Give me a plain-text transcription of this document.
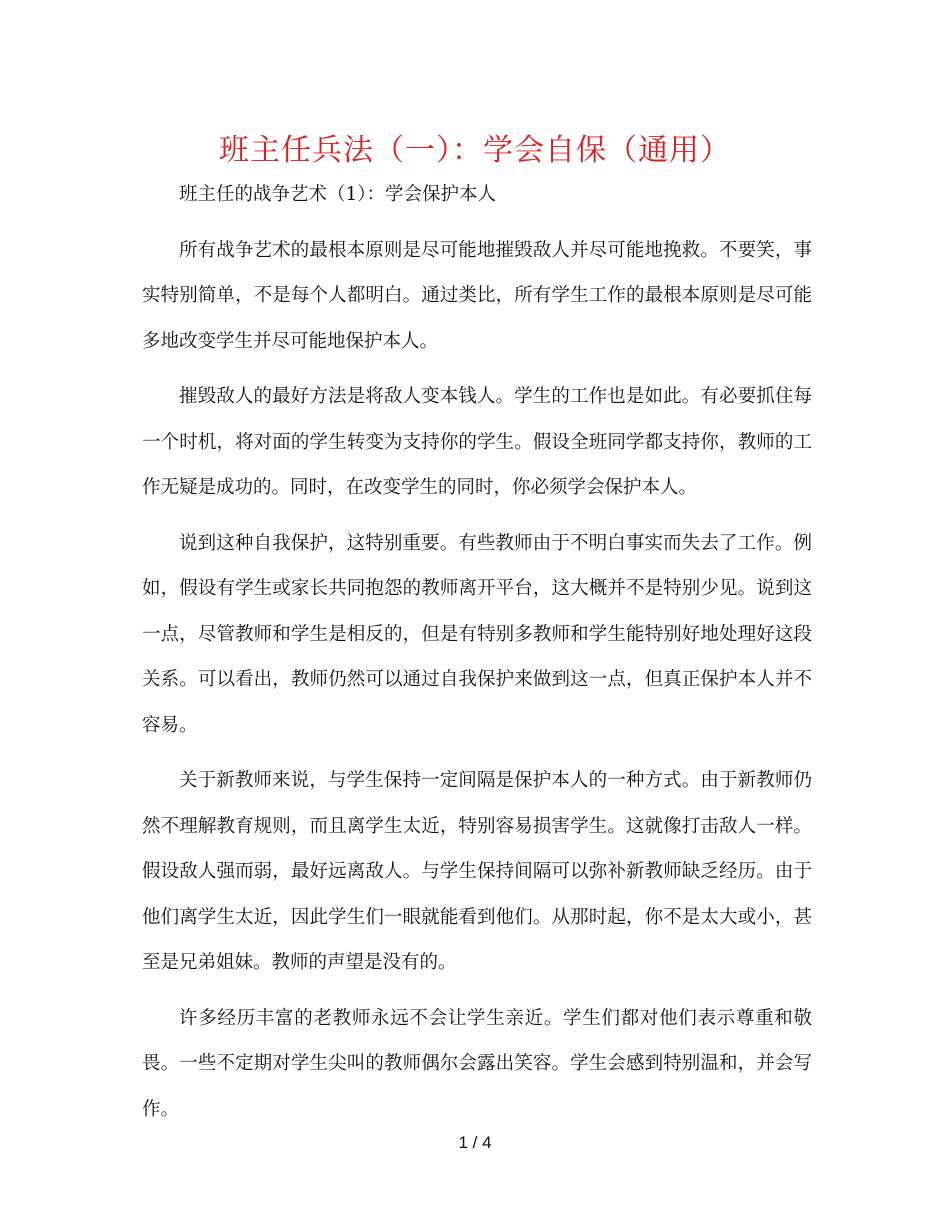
班主任兵法（一）：学会自保（通用）

班主任的战争艺术（1）：学会保护本人

所有战争艺术的最根本原则是尽可能地摧毁敌人并尽可能地挽救。不要笑，事实特别简单，不是每个人都明白。通过类比，所有学生工作的最根本原则是尽可能多地改变学生并尽可能地保护本人。

摧毁敌人的最好方法是将敌人变本钱人。学生的工作也是如此。有必要抓住每一个时机，将对面的学生转变为支持你的学生。假设全班同学都支持你，教师的工作无疑是成功的。同时，在改变学生的同时，你必须学会保护本人。

说到这种自我保护，这特别重要。有些教师由于不明白事实而失去了工作。例如，假设有学生或家长共同抱怨的教师离开平台，这大概并不是特别少见。说到这一点，尽管教师和学生是相反的，但是有特别多教师和学生能特别好地处理好这段关系。可以看出，教师仍然可以通过自我保护来做到这一点，但真正保护本人并不容易。

关于新教师来说，与学生保持一定间隔是保护本人的一种方式。由于新教师仍然不理解教育规则，而且离学生太近，特别容易损害学生。这就像打击敌人一样。假设敌人强而弱，最好远离敌人。与学生保持间隔可以弥补新教师缺乏经历。由于他们离学生太近，因此学生们一眼就能看到他们。从那时起，你不是太大或小，甚至是兄弟姐妹。教师的声望是没有的。

许多经历丰富的老教师永远不会让学生亲近。学生们都对他们表示尊重和敬畏。一些不定期对学生尖叫的教师偶尔会露出笑容。学生会感到特别温和，并会写作。

1 / 4
